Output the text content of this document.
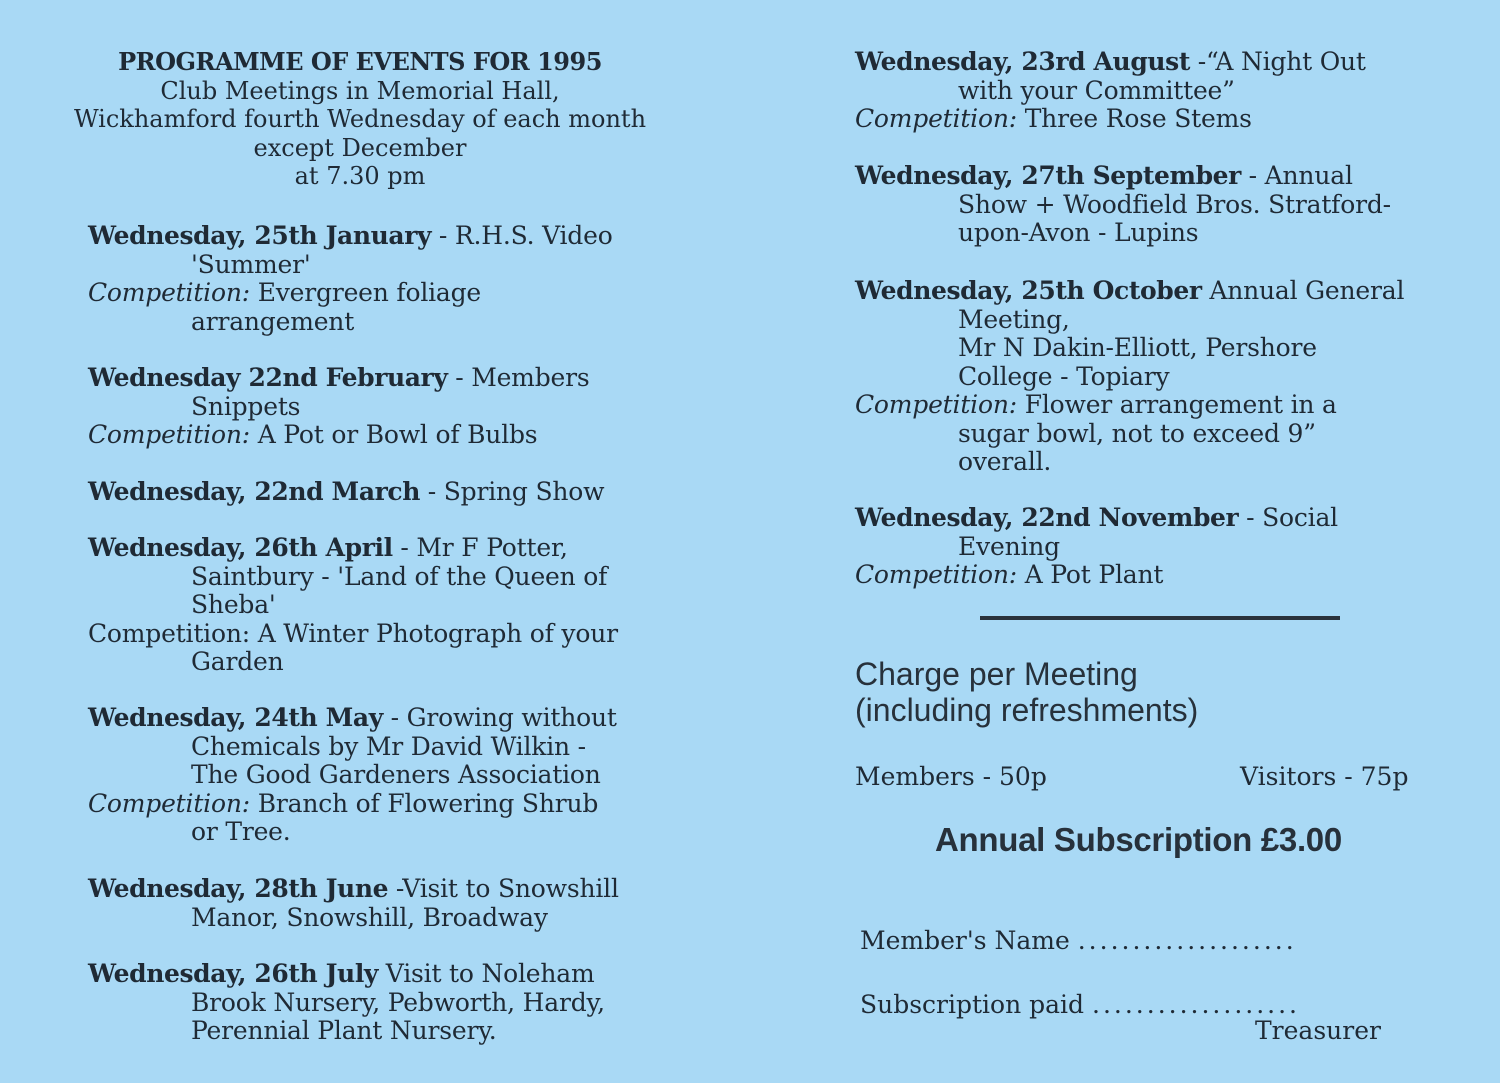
PROGRAMME OF EVENTS FOR 1995
Club Meetings in Memorial Hall,
Wickhamford fourth Wednesday of each month
except December
at 7.30 pm
Wednesday, 25th January - R.H.S. Video
'Summer'
Competition: Evergreen foliage
arrangement
Wednesday 22nd February - Members
Snippets
Competition: A Pot or Bowl of Bulbs
Wednesday, 22nd March - Spring Show
Wednesday, 26th April - Mr F Potter,
Saintbury - 'Land of the Queen of
Sheba'
Competition: A Winter Photograph of your
Garden
Wednesday, 24th May - Growing without
Chemicals by Mr David Wilkin -
The Good Gardeners Association
Competition: Branch of Flowering Shrub
or Tree.
Wednesday, 28th June -Visit to Snowshill
Manor, Snowshill, Broadway
Wednesday, 26th July Visit to Noleham
Brook Nursery, Pebworth, Hardy,
Perennial Plant Nursery.
Wednesday, 23rd August -“A Night Out
with your Committee”
Competition: Three Rose Stems
Wednesday, 27th September - Annual
Show + Woodfield Bros. Stratford-
upon-Avon - Lupins
Wednesday, 25th October Annual General
Meeting,
Mr N Dakin-Elliott, Pershore
College - Topiary
Competition: Flower arrangement in a
sugar bowl, not to exceed 9”
overall.
Wednesday, 22nd November - Social
Evening
Competition: A Pot Plant
Charge per Meeting
(including refreshments)
Members - 50p	Visitors - 75p
Annual Subscription £3.00
Member's Name ....................
Subscription paid ...................
Treasurer
